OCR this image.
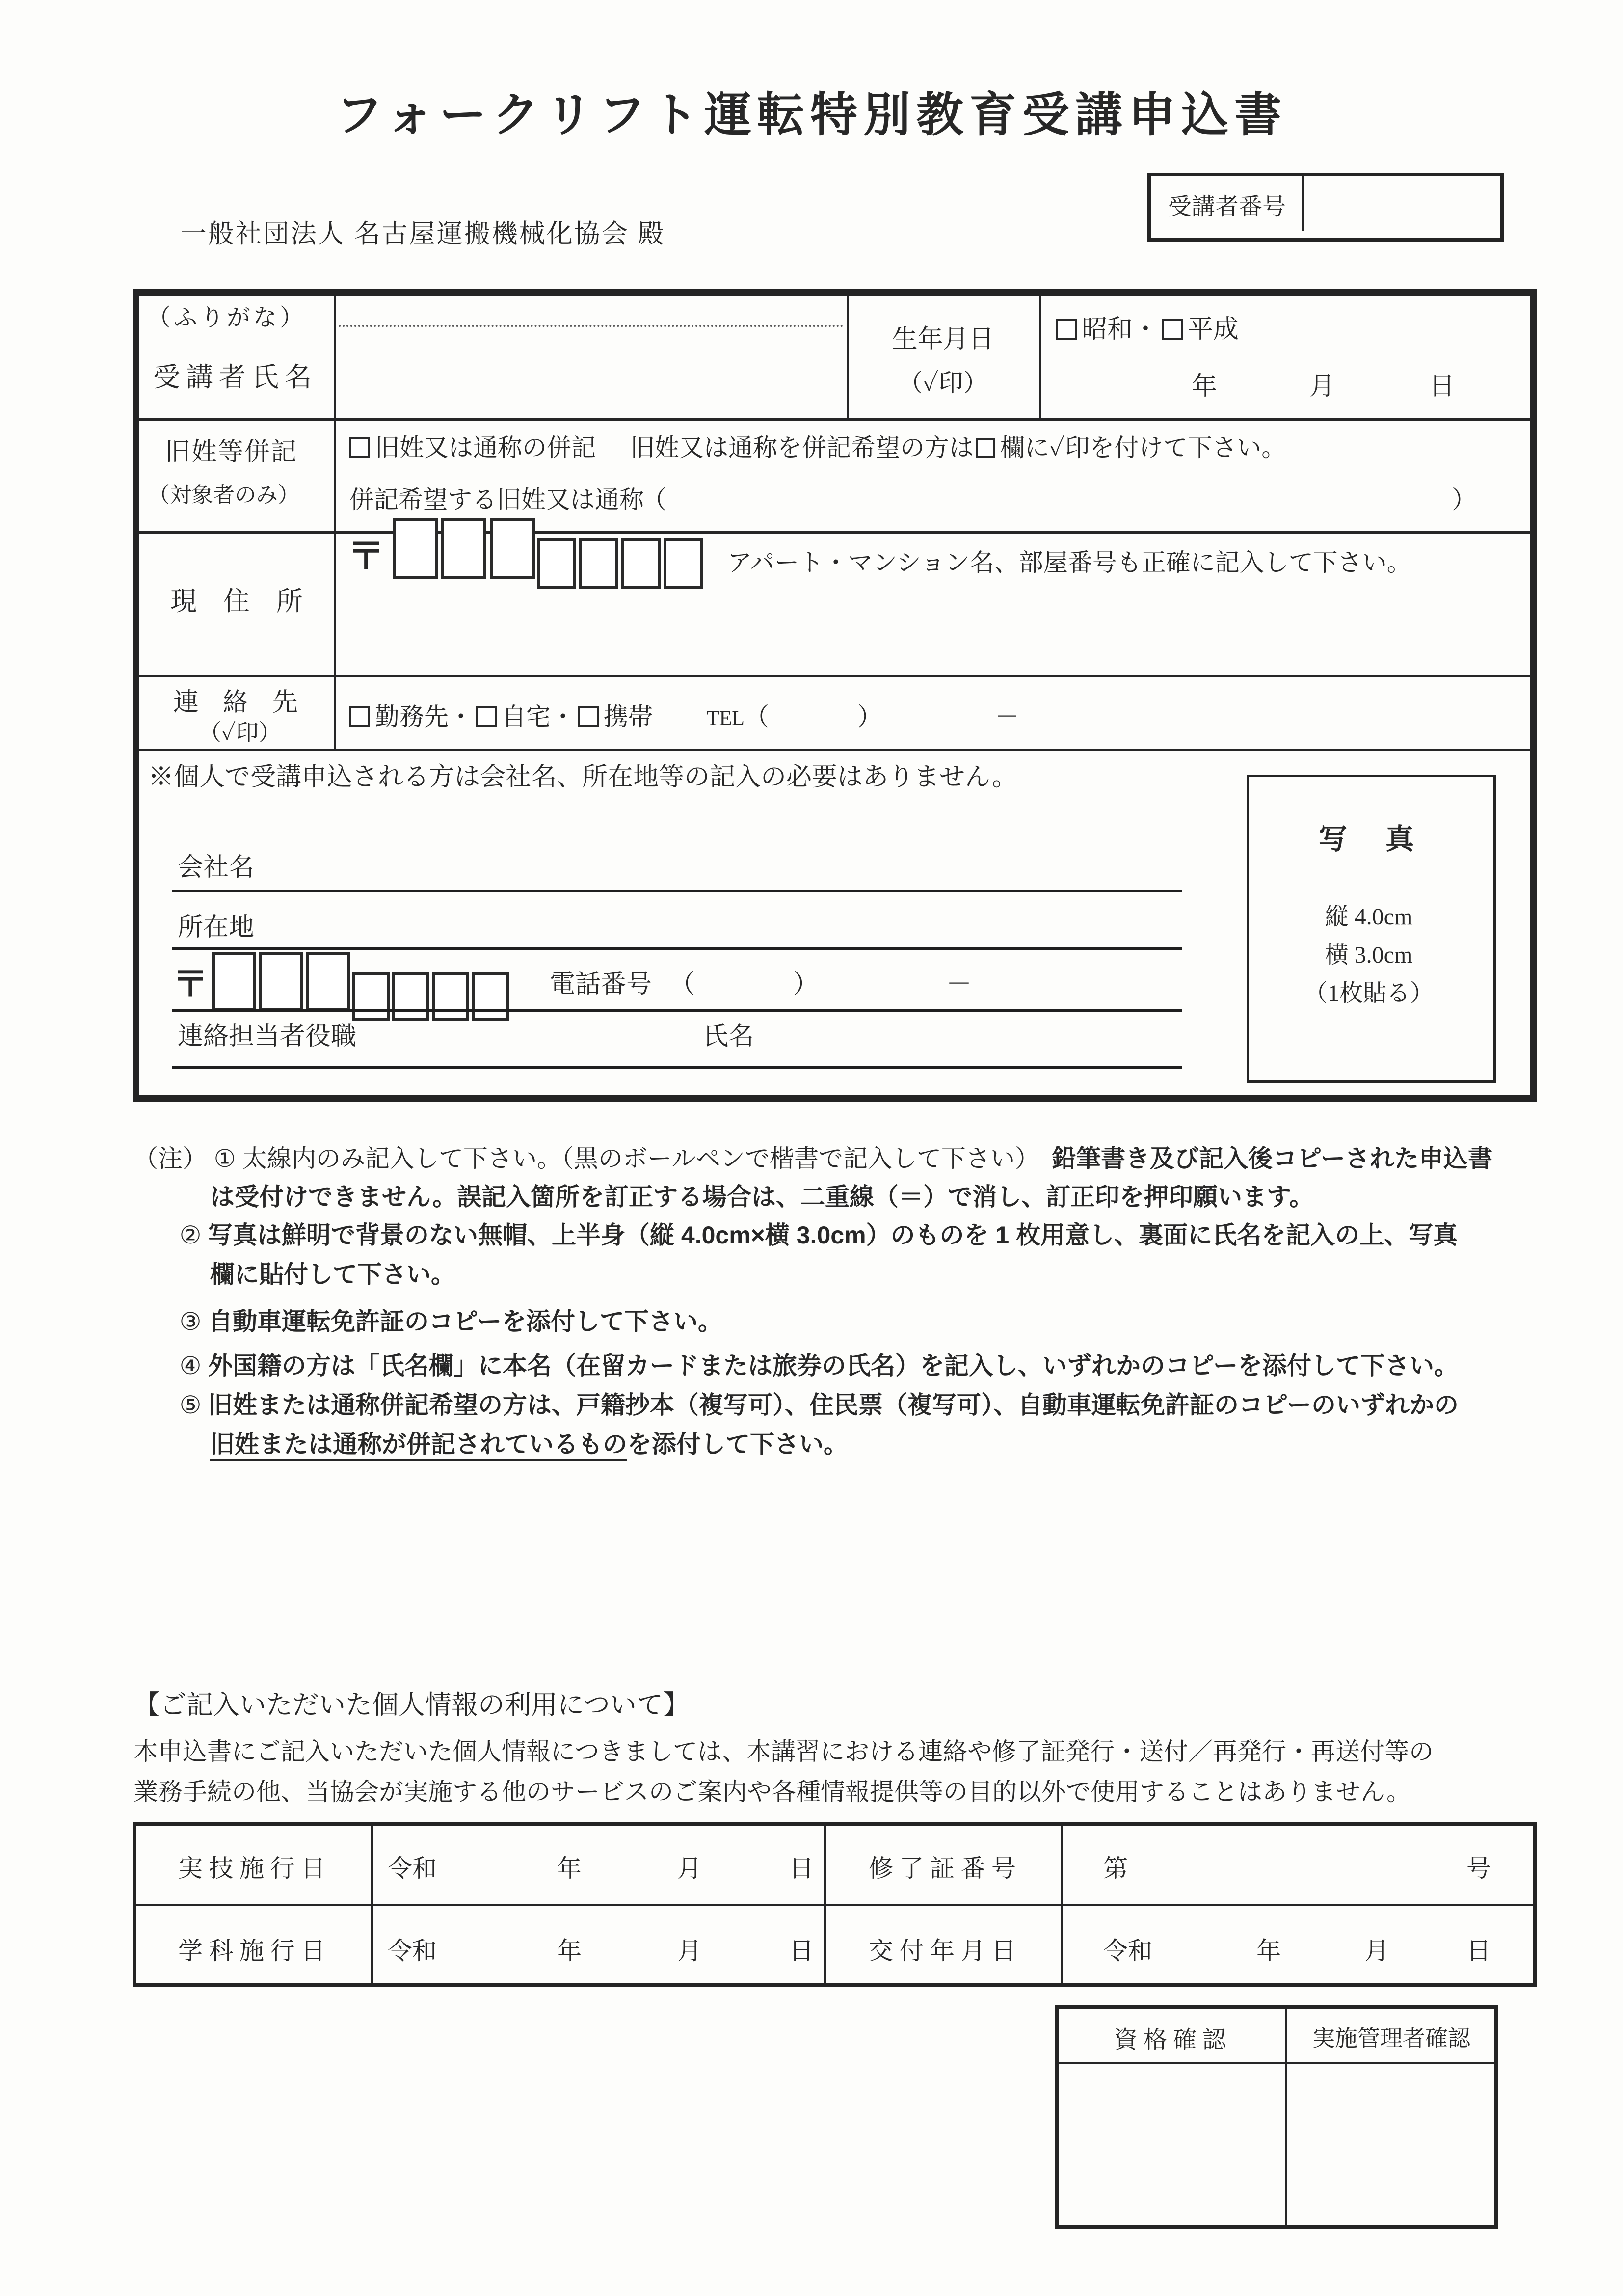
フォークリフト運転特別教育受講申込書
一般社団法人 名古屋運搬機械化協会 殿
受講者番号
（ふりがな）
受講者氏名
生年月日
（✓印）
昭和・ 平成
年	月	日
旧姓等併記
（対象者のみ）
旧姓又は通称の併記 旧姓又は通称を併記希望の方は 欄に✓印を付けて下さい。
併記希望する旧姓又は通称
（	）
現　住　所
〒	アパート・マンション名、部屋番号も正確に記入して下さい。
連 絡 先
（✓印）
勤務先・ 自宅・ 携帯	TEL（	）	－
※個人で受講申込される方は会社名、所在地等の記入の必要はありません。
会社名
所在地
〒	電話番号 （	）	－
連絡担当者役職	氏名
写　真
縦 4.0cm
横 3.0cm
（1枚貼る）
（注） ① 太線内のみ記入して下さい。（黒のボールペンで楷書で記入して下さい）　鉛筆書き及び記入後コピーされた申込書
は受付けできません。誤記入箇所を訂正する場合は、二重線（＝）で消し、訂正印を押印願います。
② 写真は鮮明で背景のない無帽、上半身（縦 4.0cm×横 3.0cm）のものを 1 枚用意し、裏面に氏名を記入の上、写真
欄に貼付して下さい。
③ 自動車運転免許証のコピーを添付して下さい。
④ 外国籍の方は「氏名欄」に本名（在留カードまたは旅券の氏名）を記入し、いずれかのコピーを添付して下さい。
⑤ 旧姓または通称併記希望の方は、戸籍抄本（複写可）、住民票（複写可）、自動車運転免許証のコピーのいずれかの
旧姓または通称が併記されているものを添付して下さい。
【ご記入いただいた個人情報の利用について】
本申込書にご記入いただいた個人情報につきましては、本講習における連絡や修了証発行・送付／再発行・再送付等の
業務手続の他、当協会が実施する他のサービスのご案内や各種情報提供等の目的以外で使用することはありません。
実 技 施 行 日	令和	年	月	日	修 了 証 番 号	第	号
学 科 施 行 日	令和	年	月	日	交 付 年 月 日	令和	年	月	日
資 格 確 認	実施管理者確認
